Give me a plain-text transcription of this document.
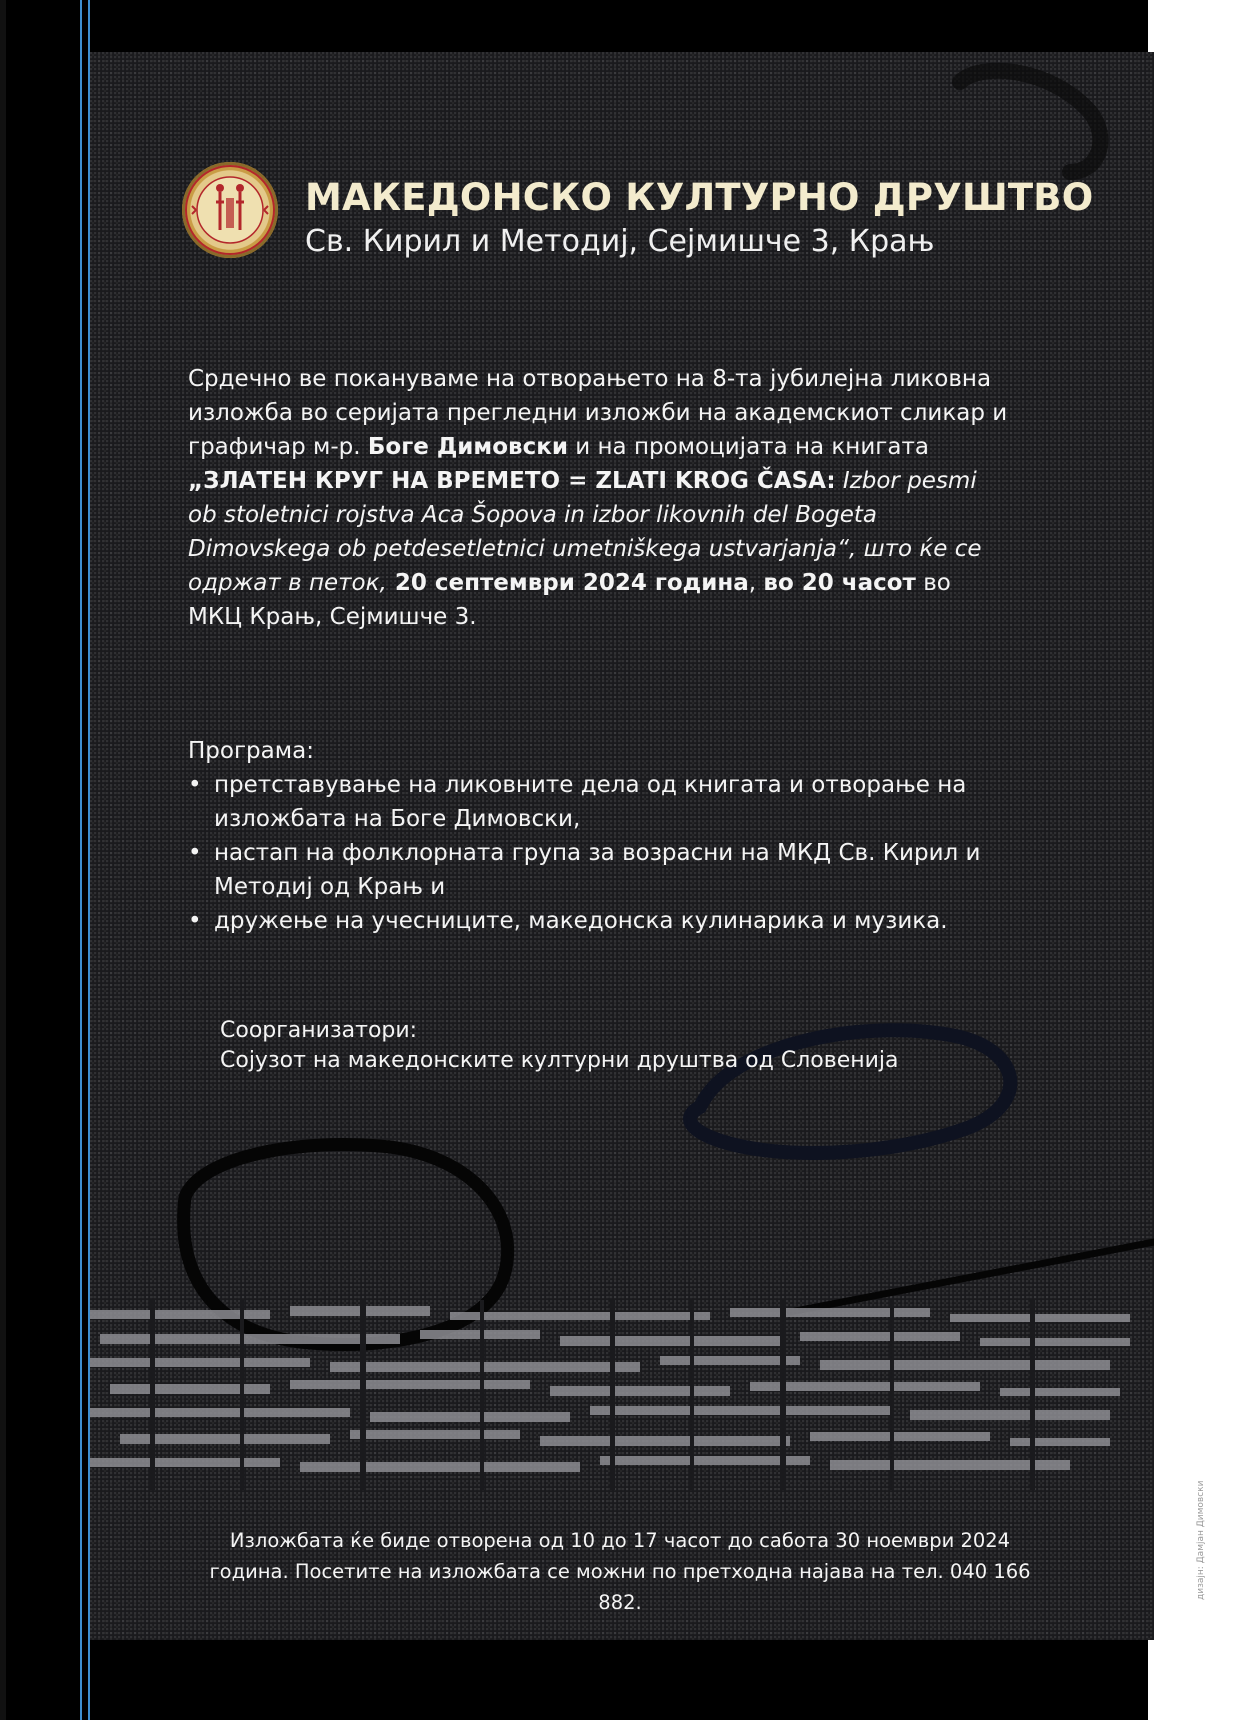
МАКЕДОНСКО КУЛТУРНО ДРУШТВО

Св. Кирил и Методиј, Сејмишче 3, Крањ

Срдечно ве покануваме на отворањето на 8-та јубилејна ликовна изложба во серијата прегледни изложби на академскиот сликар и графичар м-р. Боге Димовски и на промоцијата на книгата „ЗЛАТЕН КРУГ НА ВРЕМЕТО = ZLATI KROG ČASA: Izbor pesmi ob stoletnici rojstva Aca Šopova in izbor likovnih del Bogeta Dimovskega ob petdesetletnici umetniškega ustvarjanja“, што ќе се одржат в петок, 20 септември 2024 година, во 20 часот во МКЦ Крањ, Сејмишче 3.

Програма:

• претставување на ликовните дела од книгата и отворање на изложбата на Боге Димовски,
• настап на фолклорната група за возрасни на МКД Св. Кирил и Методиј од Крањ и
• дружење на учесниците, македонска кулинарика и музика.

Соорганизатори:

Сојузот на македонските културни друштва од Словенија

Изложбата ќе биде отворена од 10 до 17 часот до сабота 30 ноември 2024 година. Посетите на изложбата се можни по претходна најава на тел. 040 166 882.

дизајн: Дамјан Димовски
